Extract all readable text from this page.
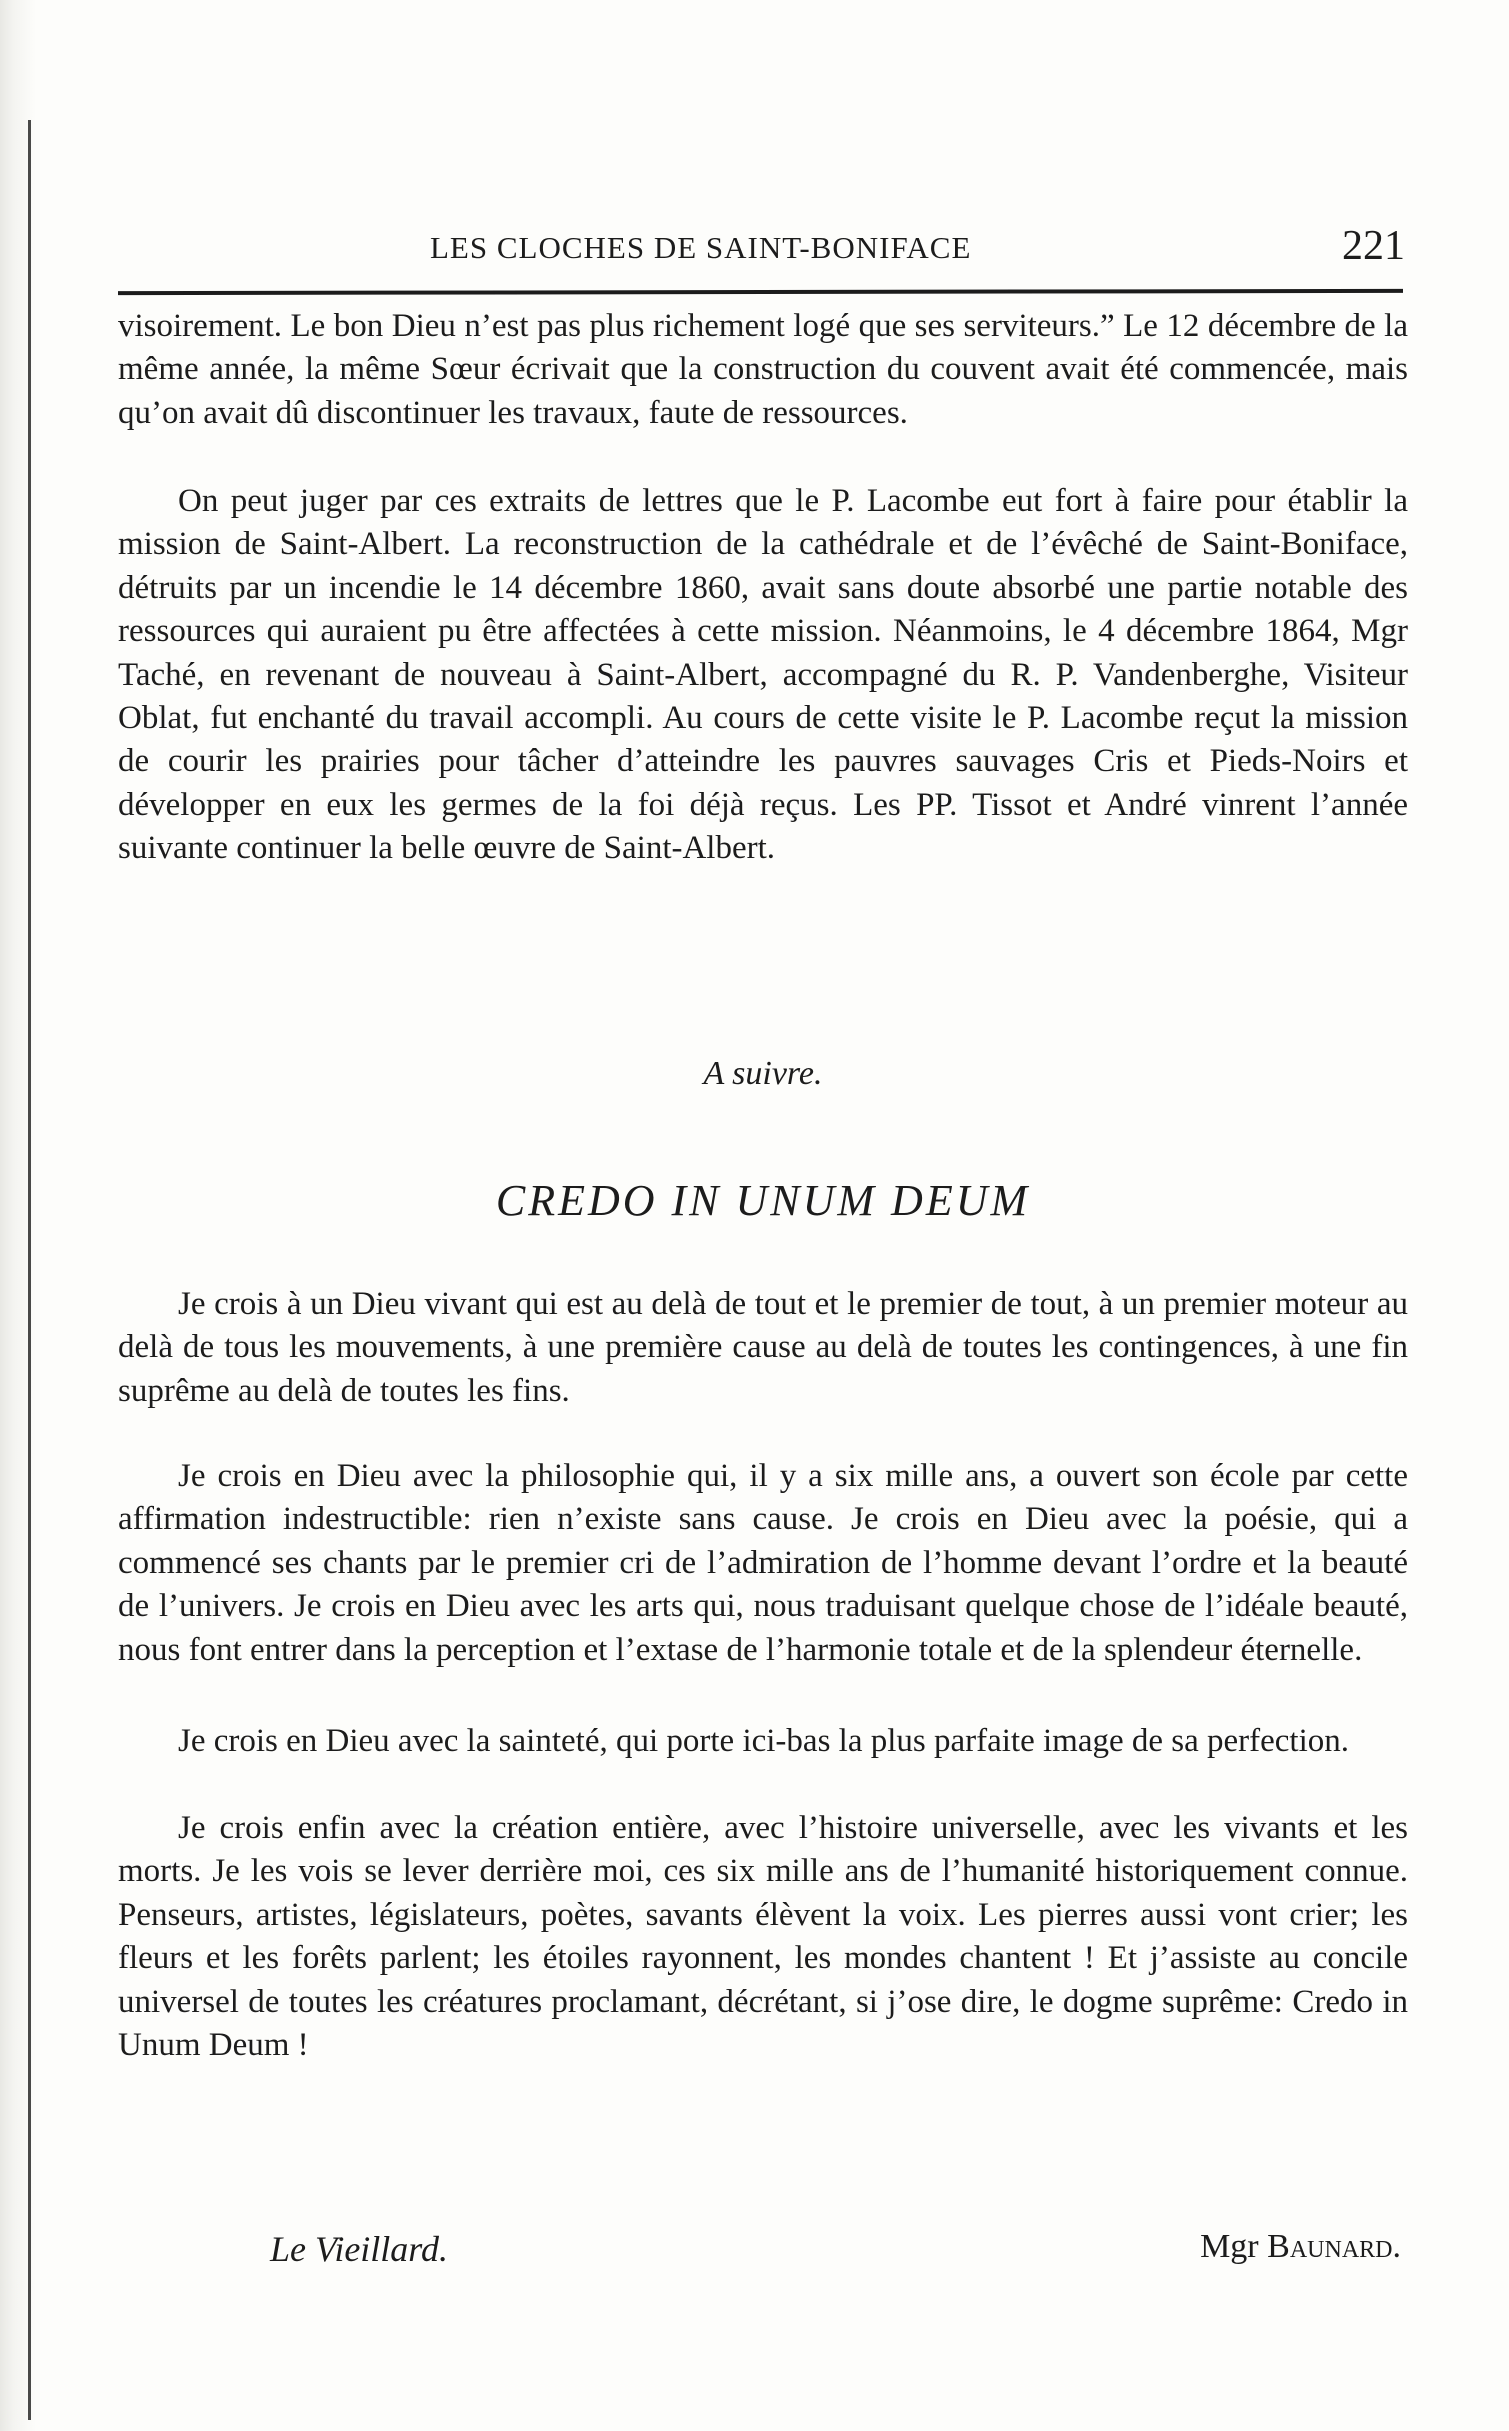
LES CLOCHES DE SAINT-BONIFACE	221

visoirement. Le bon Dieu n’est pas plus richement logé que ses serviteurs.” Le 12 décembre de la même année, la même Sœur écrivait que la construction du couvent avait été commencée, mais qu’on avait dû discontinuer les travaux, faute de ressources.

On peut juger par ces extraits de lettres que le P. Lacombe eut fort à faire pour établir la mission de Saint-Albert. La reconstruction de la cathédrale et de l’évêché de Saint-Boniface, détruits par un incendie le 14 décembre 1860, avait sans doute absorbé une partie notable des ressources qui auraient pu être affectées à cette mission. Néanmoins, le 4 décembre 1864, Mgr Taché, en revenant de nouveau à Saint-Albert, accompagné du R. P. Vandenberghe, Visiteur Oblat, fut enchanté du travail accompli. Au cours de cette visite le P. Lacombe reçut la mission de courir les prairies pour tâcher d’atteindre les pauvres sauvages Cris et Pieds-Noirs et développer en eux les germes de la foi déjà reçus. Les PP. Tissot et André vinrent l’année suivante continuer la belle œuvre de Saint-Albert.

A suivre.
CREDO IN UNUM DEUM

Je crois à un Dieu vivant qui est au delà de tout et le premier de tout, à un premier moteur au delà de tous les mouvements, à une première cause au delà de toutes les contingences, à une fin suprême au delà de toutes les fins.

Je crois en Dieu avec la philosophie qui, il y a six mille ans, a ouvert son école par cette affirmation indestructible: rien n’existe sans cause. Je crois en Dieu avec la poésie, qui a commencé ses chants par le premier cri de l’admiration de l’homme devant l’ordre et la beauté de l’univers. Je crois en Dieu avec les arts qui, nous traduisant quelque chose de l’idéale beauté, nous font entrer dans la perception et l’extase de l’harmonie totale et de la splendeur éternelle.

Je crois en Dieu avec la sainteté, qui porte ici-bas la plus parfaite image de sa perfection.

Je crois enfin avec la création entière, avec l’histoire universelle, avec les vivants et les morts. Je les vois se lever derrière moi, ces six mille ans de l’humanité historiquement connue. Penseurs, artistes, législateurs, poètes, savants élèvent la voix. Les pierres aussi vont crier; les fleurs et les forêts parlent; les étoiles rayonnent, les mondes chantent ! Et j’assiste au concile universel de toutes les créatures proclamant, décrétant, si j’ose dire, le dogme suprême: Credo in Unum Deum !

Le Vieillard.	Mgr Baunard.
